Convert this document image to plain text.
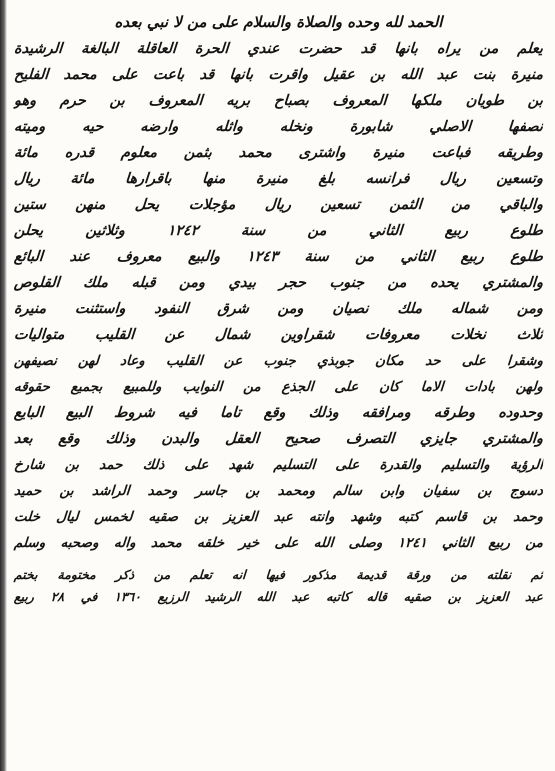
الحمد لله وحده والصلاة والسلام على من لا نبي بعده
يعلم من يراه بانها قد حضرت عندي الحرة العاقلة البالغة الرشيدة
منيرة بنت عبد الله بن عقيل واقرت بانها قد باعت على محمد الفليح
بن طويان ملكها المعروف بصباح بريه المعروف بن حرم وهو
نصفها الاصلي شابورة ونخله واثله وارضه حيه وميته
وطريقه فباعت منيرة واشترى محمد بثمن معلوم قدره مائة
وتسعين ريال فرانسه بلغ منيرة منها باقرارها مائة ريال
والباقي من الثمن تسعين ريال مؤجلات يحل منهن ستين
طلوع ربيع الثاني من سنة ١٢٤٢ وثلاثين يحلن
طلوع ربيع الثاني من سنة ١٢٤٣ والبيع معروف عند البائع
والمشتري يحده من جنوب حجر بيدي ومن قبله ملك القلوص
ومن شماله ملك نصيان ومن شرق النفود واستثنت منيرة
ثلاث نخلات معروفات شقراوين شمال عن القليب متواليات
وشقرا على حد مكان جوبذي جنوب عن القليب وعاد لهن نصيفهن
ولهن بادات الاما كان على الجذع من النوايب وللمبيع بجميع حقوقه
وحدوده وطرقه ومرافقه وذلك وقع تاما فيه شروط البيع البايع
والمشتري جايزي التصرف صحيح العقل والبدن وذلك وقع بعد
الرؤية والتسليم والقدرة على التسليم شهد على ذلك حمد بن شارخ
دسوج بن سفيان وابن سالم ومحمد بن جاسر وحمد الراشد بن حميد
وحمد بن قاسم كتبه وشهد وانته عبد العزيز بن صقيه لخمس ليال خلت
من ربيع الثاني ١٢٤١ وصلى الله على خير خلقه محمد واله وصحبه وسلم
ثم نقلته من ورقة قديمة مذكور فيها انه تعلم من ذكر مختومة بختم
عبد العزيز بن صقيه قاله كاتبه عبد الله الرشيد الرزيع ١٣٦٠ في ٢٨ ربيع
